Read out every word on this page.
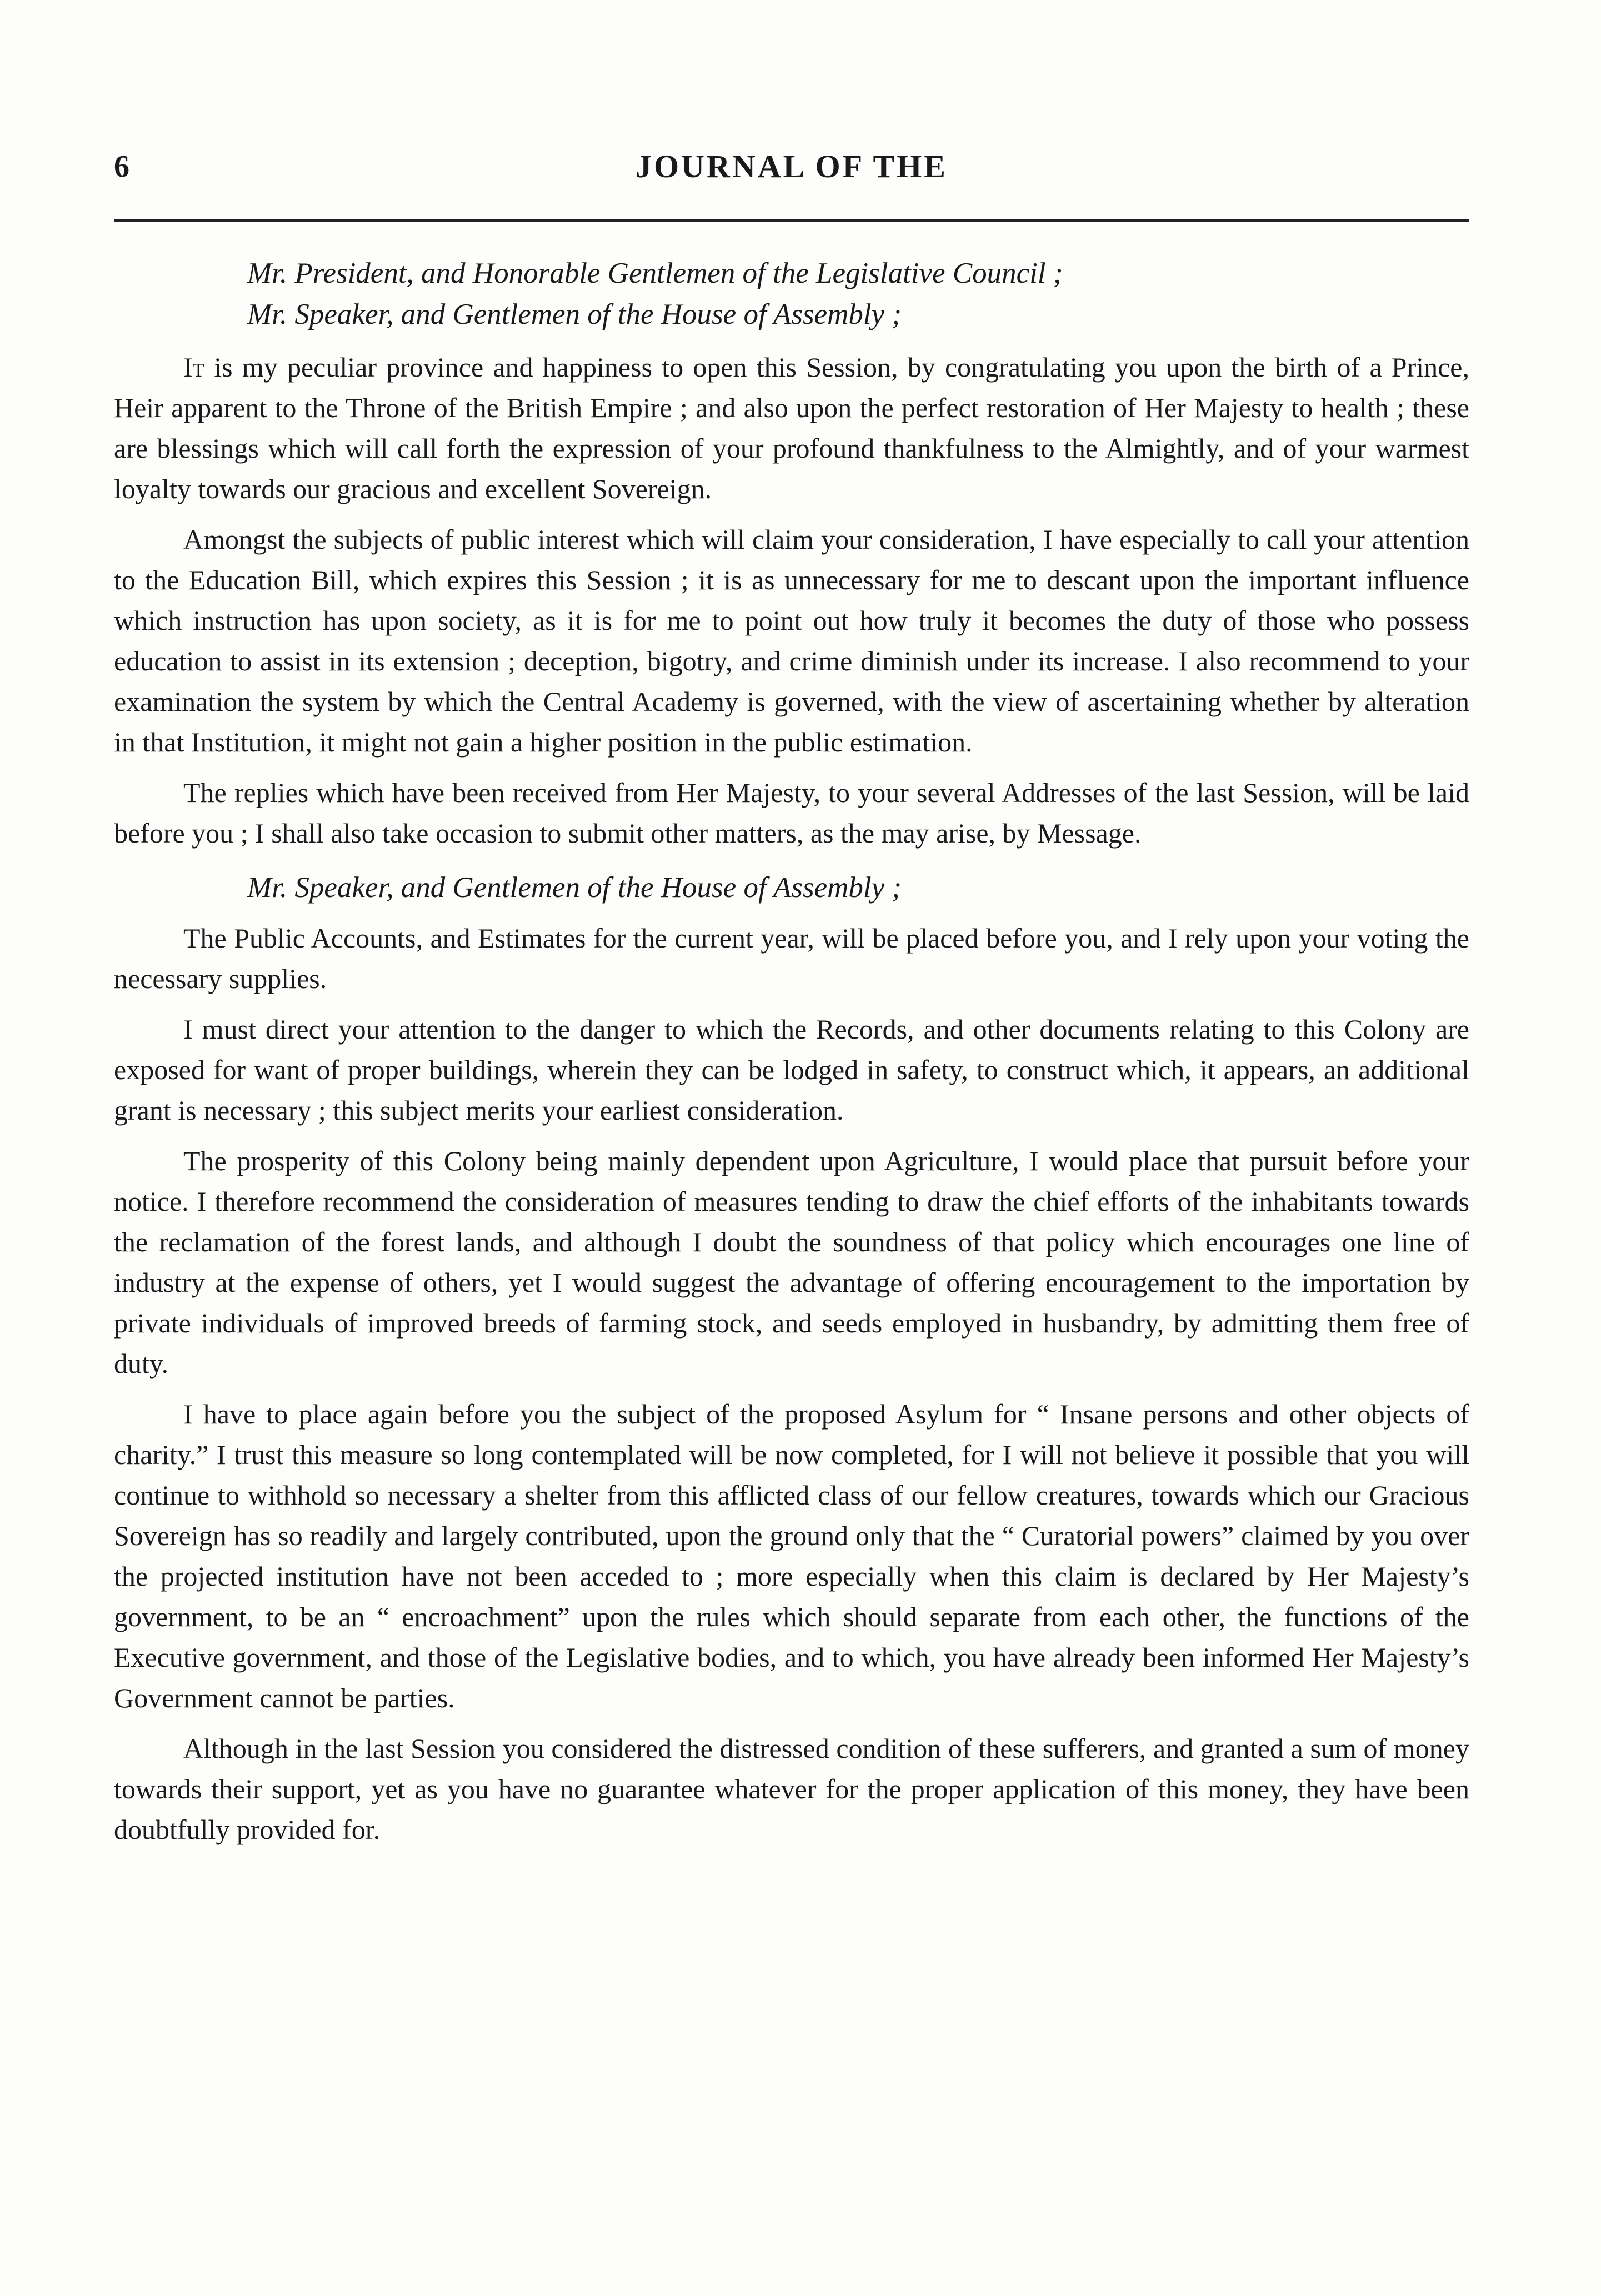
6	JOURNAL OF THE

Mr. President, and Honorable Gentlemen of the Legislative Council ;

Mr. Speaker, and Gentlemen of the House of Assembly ;

It is my peculiar province and happiness to open this Session, by congratulating you upon the birth of a Prince, Heir apparent to the Throne of the British Empire ; and also upon the perfect restoration of Her Majesty to health ; these are blessings which will call forth the expression of your profound thankfulness to the Almightly, and of your warmest loyalty towards our gracious and excellent Sovereign.

Amongst the subjects of public interest which will claim your consideration, I have especially to call your attention to the Education Bill, which expires this Session ; it is as unnecessary for me to descant upon the important influence which instruction has upon society, as it is for me to point out how truly it becomes the duty of those who possess education to assist in its extension ; deception, bigotry, and crime diminish under its increase. I also recommend to your examination the system by which the Central Academy is governed, with the view of ascertaining whether by alteration in that Institution, it might not gain a higher position in the public estimation.

The replies which have been received from Her Majesty, to your several Addresses of the last Session, will be laid before you ; I shall also take occasion to submit other matters, as the may arise, by Message.

Mr. Speaker, and Gentlemen of the House of Assembly ;

The Public Accounts, and Estimates for the current year, will be placed before you, and I rely upon your voting the necessary supplies.

I must direct your attention to the danger to which the Records, and other documents relating to this Colony are exposed for want of proper buildings, wherein they can be lodged in safety, to construct which, it appears, an additional grant is necessary ; this subject merits your earliest consideration.

The prosperity of this Colony being mainly dependent upon Agriculture, I would place that pursuit before your notice. I therefore recommend the consideration of measures tending to draw the chief efforts of the inhabitants towards the reclamation of the forest lands, and although I doubt the soundness of that policy which encourages one line of industry at the expense of others, yet I would suggest the advantage of offering encouragement to the importation by private individuals of improved breeds of farming stock, and seeds employed in husbandry, by admitting them free of duty.

I have to place again before you the subject of the proposed Asylum for “ Insane persons and other objects of charity.” I trust this measure so long contemplated will be now completed, for I will not believe it possible that you will continue to withhold so necessary a shelter from this afflicted class of our fellow creatures, towards which our Gracious Sovereign has so readily and largely contributed, upon the ground only that the “ Curatorial powers” claimed by you over the projected institution have not been acceded to ; more especially when this claim is declared by Her Majesty’s government, to be an “ encroachment” upon the rules which should separate from each other, the functions of the Executive government, and those of the Legislative bodies, and to which, you have already been informed Her Majesty’s Government cannot be parties.

Although in the last Session you considered the distressed condition of these sufferers, and granted a sum of money towards their support, yet as you have no guarantee whatever for the proper application of this money, they have been doubtfully provided for.
